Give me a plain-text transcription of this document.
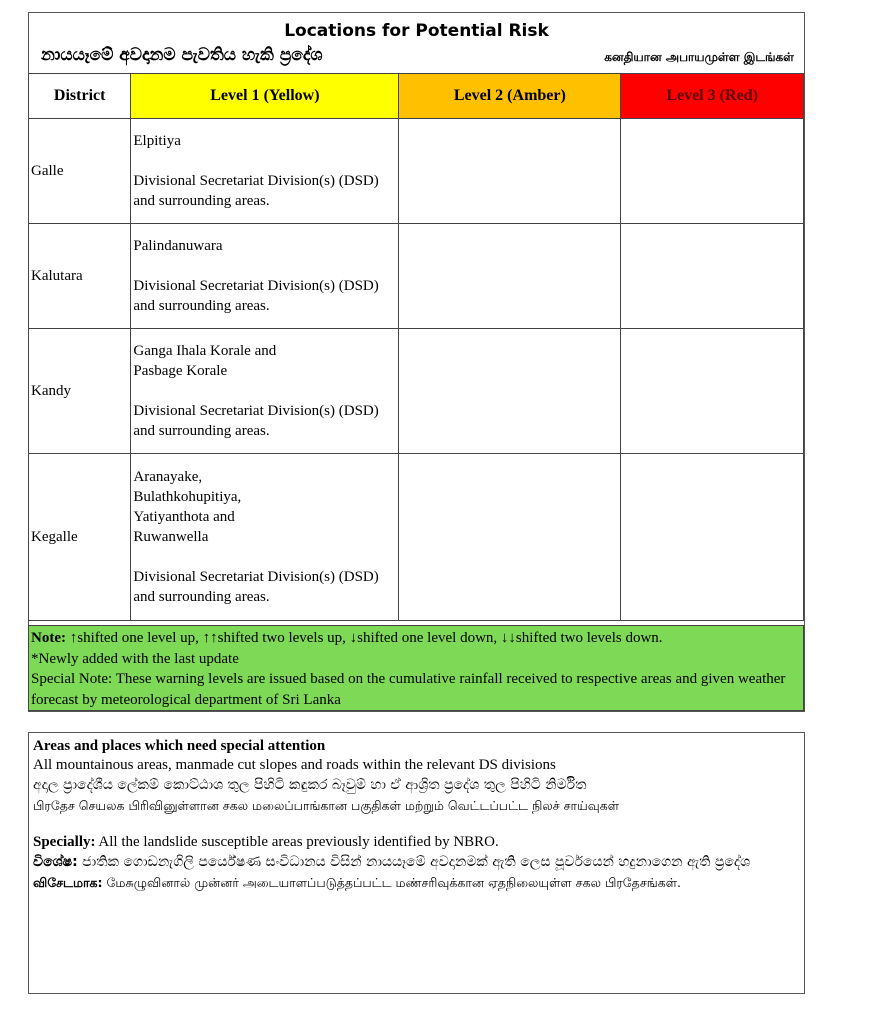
Locations for Potential Risk
නායයෑමේ අවදානම පැවතිය හැකි ප්‍රදේශ	கனதியான அபாயமுள்ள இடங்கள்
District	Level 1 (Yellow)	Level 2 (Amber)	Level 3 (Red)
Galle	Elpitiya
Divisional Secretariat Division(s) (DSD) and surrounding areas.		

Kalutara	Palindanuwara
Divisional Secretariat Division(s) (DSD) and surrounding areas.		

Kandy	Ganga Ihala Korale and
Pasbage Korale
Divisional Secretariat Division(s) (DSD) and surrounding areas.		

Kegalle	Aranayake,
Bulathkohupitiya,
Yatiyanthota and
Ruwanwella
Divisional Secretariat Division(s) (DSD) and surrounding areas.		

Note: ↑shifted one level up, ↑↑shifted two levels up, ↓shifted one level down, ↓↓shifted two levels down.
*Newly added with the last update
Special Note: These warning levels are issued based on the cumulative rainfall received to respective areas and given weather forecast by meteorological department of Sri Lanka
Areas and places which need special attention
All mountainous areas, manmade cut slopes and roads within the relevant DS divisions
අදාල ප්‍රාදේශීය ලේකම් කොට්ඨාශ තුල පිහිටි කඳුකර බෑවුම් හා ඒ ආශ්‍රිත ප්‍රදේශ තුල පිහිටි නිර්මිත
பிரதேச செயலக பிரிவினுள்ளான சகல மலைப்பாங்கான பகுதிகள் மற்றும் வெட்டப்பட்ட நிலச் சாய்வுகள்
Specially: All the landslide susceptible areas previously identified by NBRO.
විශේෂ: ජාතික ගොඩනැගිලි පර්යේෂණ සංවිධානය විසින් නායයෑමේ අවදානමක් ඇති ලෙස පූර්වයෙන් හදුනාගෙන ඇති ප්‍රදේශ
விசேடமாக: மேசுழுவினால் முன்னர் அடையாளப்படுத்தப்பட்ட மண்சரிவுக்கான ஏதநிலையுள்ள சகல பிரதேசங்கள்.
